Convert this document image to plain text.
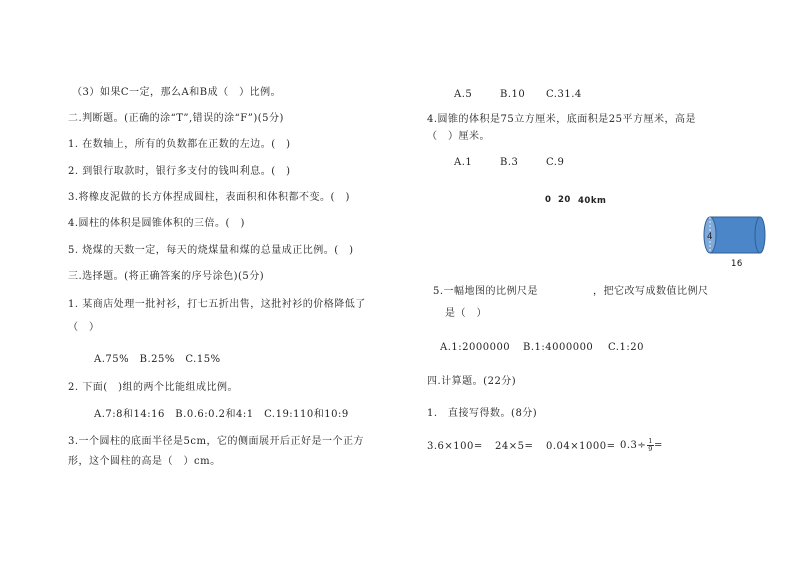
（3）如果C一定，那么A和B成（　）比例。
二.判断题。(正确的涂“T”,错误的涂“F”)(5分)
1. 在数轴上，所有的负数都在正数的左边。(　)
2. 到银行取款时，银行多支付的钱叫利息。(　)
3.将橡皮泥做的长方体捏成圆柱，表面积和体积都不变。(　)
4.圆柱的体积是圆锥体积的三倍。(　)
5. 烧煤的天数一定，每天的烧煤量和煤的总量成正比例。(　)
三.选择题。(将正确答案的序号涂色)(5分)
1. 某商店处理一批衬衫，打七五折出售，这批衬衫的价格降低了
（　）
A.75%　B.25%　C.15%
2. 下面(　)组的两个比能组成比例。
A.7:8和14:16　B.0.6:0.2和4:1　C.19:110和10:9
3.一个圆柱的底面半径是5cm，它的侧面展开后正好是一个正方
形，这个圆柱的高是（　）cm。
A.5	B.10 C.31.4
4.圆锥的体积是75立方厘米，底面积是25平方厘米，高是
（　）厘米。
A.1	B.3	C.9
0 20 40km
4
16
5.一幅地图的比例尺是	，把它改写成数值比例尺
是（　）
A.1:2000000 B.1:4000000 C.1:20
四.计算题。(22分)
1.　直接写得数。(8分)
$3.6\times 100= 24\times 5= 0.04\times 1000= 0.3\div \frac{1}{9}$ =
